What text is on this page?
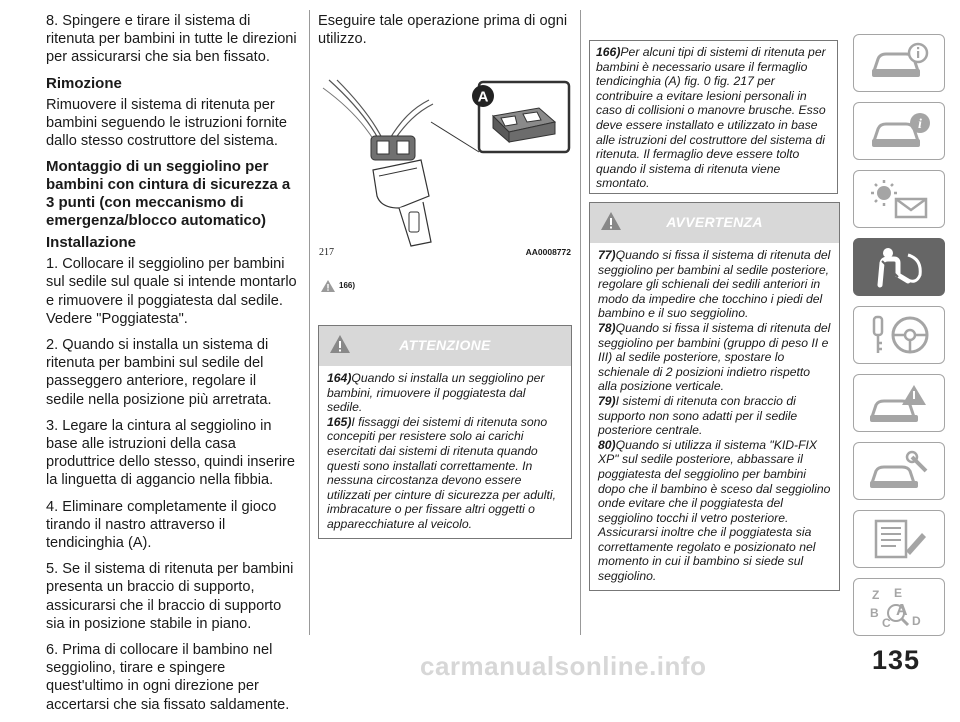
8. Spingere e tirare il sistema di ritenuta per bambini in tutte le direzioni per assicurarsi che sia ben fissato.

Rimozione

Rimuovere il sistema di ritenuta per bambini seguendo le istruzioni fornite dallo stesso costruttore del sistema.

Montaggio di un seggiolino per bambini con cintura di sicurezza a 3 punti (con meccanismo di emergenza/blocco automatico)
Installazione

1. Collocare il seggiolino per bambini sul sedile sul quale si intende montarlo e rimuovere il poggiatesta dal sedile. Vedere "Poggiatesta".

2. Quando si installa un sistema di ritenuta per bambini sul sedile del passeggero anteriore, regolare il sedile nella posizione più arretrata.

3. Legare la cintura al seggiolino in base alle istruzioni della casa produttrice dello stesso, quindi inserire la linguetta di aggancio nella fibbia.

4. Eliminare completamente il gioco tirando il nastro attraverso il tendicinghia (A).

5. Se il sistema di ritenuta per bambini presenta un braccio di supporto, assicurarsi che il braccio di supporto sia in posizione stabile in piano.

6. Prima di collocare il bambino nel seggiolino, tirare e spingere quest'ultimo in ogni direzione per accertarsi che sia fissato saldamente.

Eseguire tale operazione prima di ogni utilizzo.

A
217	AA0008772
166)
ATTENZIONE

164)Quando si installa un seggiolino per bambini, rimuovere il poggiatesta dal sedile.

165)I fissaggi dei sistemi di ritenuta sono concepiti per resistere solo ai carichi esercitati dai sistemi di ritenuta quando questi sono installati correttamente. In nessuna circostanza devono essere utilizzati per cinture di sicurezza per adulti, imbracature o per fissare altri oggetti o apparecchiature al veicolo.

166)Per alcuni tipi di sistemi di ritenuta per bambini è necessario usare il fermaglio tendicinghia (A) fig. 0 fig. 217 per contribuire a evitare lesioni personali in caso di collisioni o manovre brusche. Esso deve essere installato e utilizzato in base alle istruzioni del costruttore del sistema di ritenuta. Il fermaglio deve essere tolto quando il sistema di ritenuta viene smontato.
AVVERTENZA

77)Quando si fissa il sistema di ritenuta del seggiolino per bambini al sedile posteriore, regolare gli schienali dei sedili anteriori in modo da impedire che tocchino i piedi del bambino e il suo seggiolino.

78)Quando si fissa il sistema di ritenuta del seggiolino per bambini (gruppo di peso II e III) al sedile posteriore, spostare lo schienale di 2 posizioni indietro rispetto alla posizione verticale.

79)I sistemi di ritenuta con braccio di supporto non sono adatti per il sedile posteriore centrale.

80)Quando si utilizza il sistema "KID-FIX XP" sul sedile posteriore, abbassare il poggiatesta del seggiolino per bambini dopo che il bambino è sceso dal seggiolino onde evitare che il poggiatesta del seggiolino tocchi il vetro posteriore. Assicurarsi inoltre che il poggiatesta sia correttamente regolato e posizionato nel momento in cui il bambino si siede sul seggiolino.

i
Z E
B A
C D
carmanualsonline.info	135
